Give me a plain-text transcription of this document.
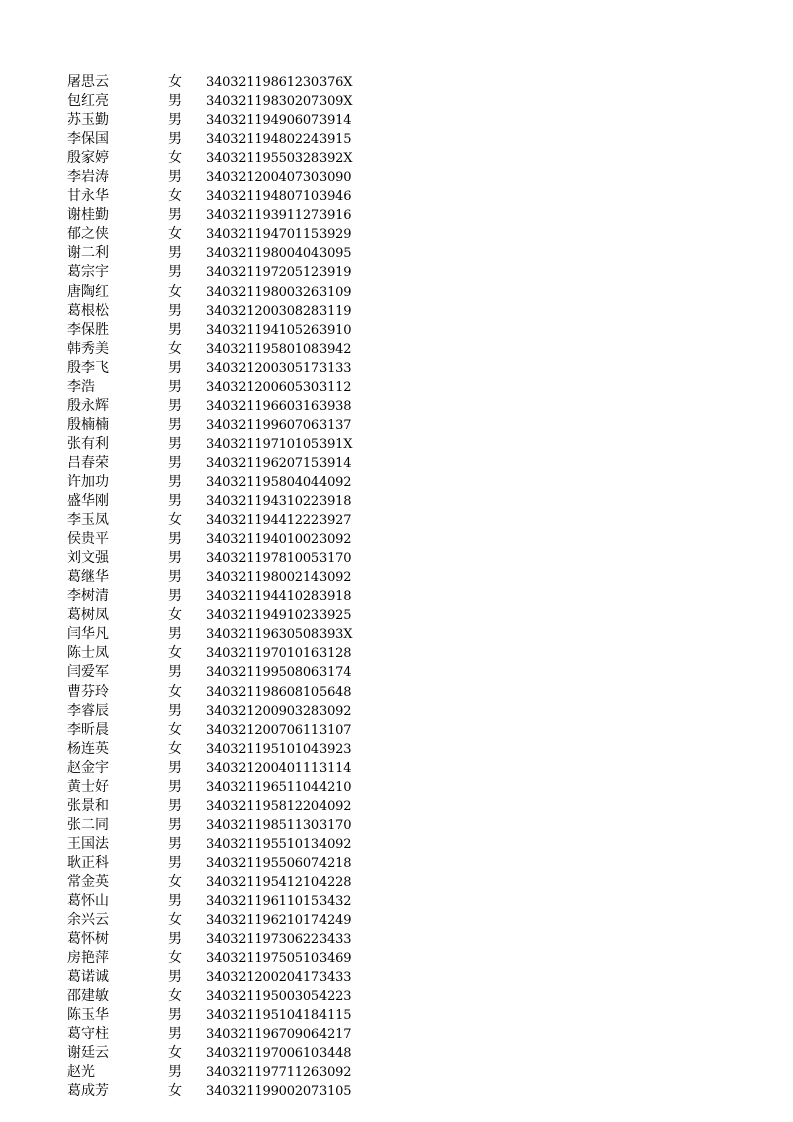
屠思云	女	34032119861230376X
包红亮	男	34032119830207309X
苏玉勤	男	340321194906073914
李保国	男	340321194802243915
殷家婷	女	34032119550328392X
李岩涛	男	340321200407303090
甘永华	女	340321194807103946
谢桂勤	男	340321193911273916
郁之侠	女	340321194701153929
谢二利	男	340321198004043095
葛宗宇	男	340321197205123919
唐陶红	女	340321198003263109
葛根松	男	340321200308283119
李保胜	男	340321194105263910
韩秀美	女	340321195801083942
殷李飞	男	340321200305173133
李浩	男	340321200605303112
殷永辉	男	340321196603163938
殷楠楠	男	340321199607063137
张有利	男	34032119710105391X
吕春荣	男	340321196207153914
许加功	男	340321195804044092
盛华刚	男	340321194310223918
李玉凤	女	340321194412223927
侯贵平	男	340321194010023092
刘文强	男	340321197810053170
葛继华	男	340321198002143092
李树清	男	340321194410283918
葛树凤	女	340321194910233925
闫华凡	男	34032119630508393X
陈士凤	女	340321197010163128
闫爱军	男	340321199508063174
曹芬玲	女	340321198608105648
李睿辰	男	340321200903283092
李昕晨	女	340321200706113107
杨连英	女	340321195101043923
赵金宇	男	340321200401113114
黄士好	男	340321196511044210
张景和	男	340321195812204092
张二同	男	340321198511303170
王国法	男	340321195510134092
耿正科	男	340321195506074218
常金英	女	340321195412104228
葛怀山	男	340321196110153432
余兴云	女	340321196210174249
葛怀树	男	340321197306223433
房艳萍	女	340321197505103469
葛诺诚	男	340321200204173433
邵建敏	女	340321195003054223
陈玉华	男	340321195104184115
葛守柱	男	340321196709064217
谢廷云	女	340321197006103448
赵光	男	340321197711263092
葛成芳	女	340321199002073105
